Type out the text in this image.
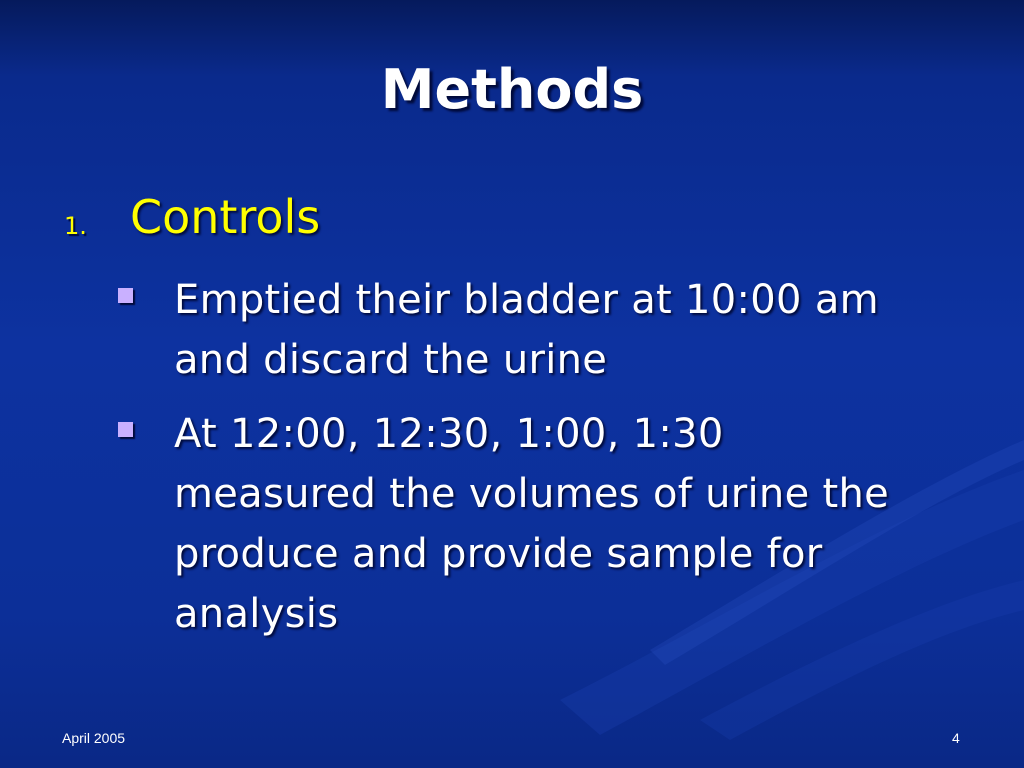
Methods
1. Controls
Emptied their bladder at 10:00 am and discard the urine
At 12:00, 12:30, 1:00, 1:30 measured the volumes of urine the produce and provide sample for analysis
April 2005	4
